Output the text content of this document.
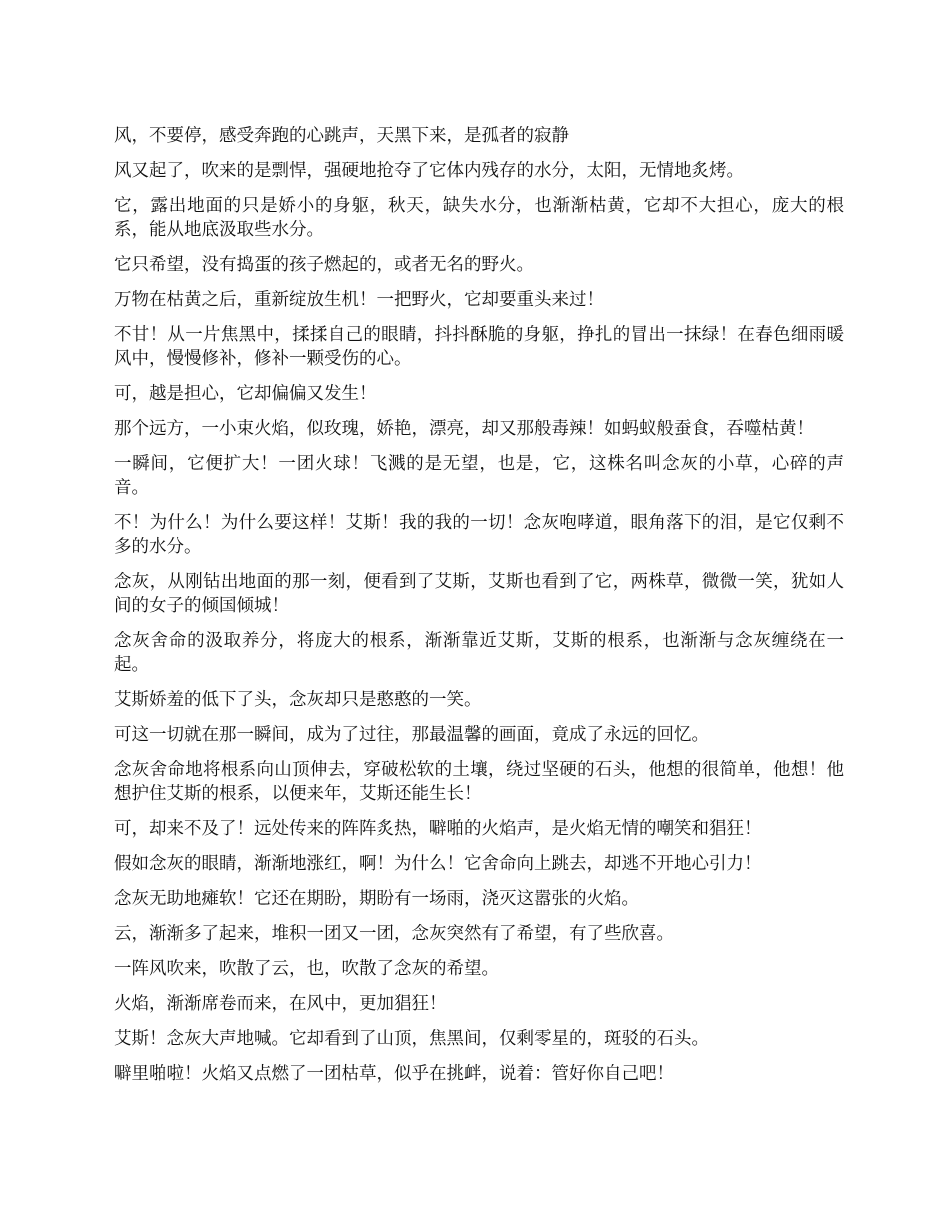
风，不要停，感受奔跑的心跳声，天黑下来，是孤者的寂静

风又起了，吹来的是剽悍，强硬地抢夺了它体内残存的水分，太阳，无情地炙烤。

它，露出地面的只是娇小的身躯，秋天，缺失水分，也渐渐枯黄，它却不大担心，庞大的根系，能从地底汲取些水分。

它只希望，没有捣蛋的孩子燃起的，或者无名的野火。

万物在枯黄之后，重新绽放生机！一把野火，它却要重头来过！

不甘！从一片焦黑中，揉揉自己的眼睛，抖抖酥脆的身躯，挣扎的冒出一抹绿！在春色细雨暖风中，慢慢修补，修补一颗受伤的心。

可，越是担心，它却偏偏又发生！

那个远方，一小束火焰，似玫瑰，娇艳，漂亮，却又那般毒辣！如蚂蚁般蚕食，吞噬枯黄！

一瞬间，它便扩大！一团火球！飞溅的是无望，也是，它，这株名叫念灰的小草，心碎的声音。

不！为什么！为什么要这样！艾斯！我的我的一切！念灰咆哮道，眼角落下的泪，是它仅剩不多的水分。

念灰，从刚钻出地面的那一刻，便看到了艾斯，艾斯也看到了它，两株草，微微一笑，犹如人间的女子的倾国倾城！

念灰舍命的汲取养分，将庞大的根系，渐渐靠近艾斯，艾斯的根系，也渐渐与念灰缠绕在一起。

艾斯娇羞的低下了头，念灰却只是憨憨的一笑。

可这一切就在那一瞬间，成为了过往，那最温馨的画面，竟成了永远的回忆。

念灰舍命地将根系向山顶伸去，穿破松软的土壤，绕过坚硬的石头，他想的很简单，他想！他想护住艾斯的根系，以便来年，艾斯还能生长！

可，却来不及了！远处传来的阵阵炙热，噼啪的火焰声，是火焰无情的嘲笑和猖狂！

假如念灰的眼睛，渐渐地涨红，啊！为什么！它舍命向上跳去，却逃不开地心引力！

念灰无助地瘫软！它还在期盼，期盼有一场雨，浇灭这嚣张的火焰。

云，渐渐多了起来，堆积一团又一团，念灰突然有了希望，有了些欣喜。

一阵风吹来，吹散了云，也，吹散了念灰的希望。

火焰，渐渐席卷而来，在风中，更加猖狂！

艾斯！念灰大声地喊。它却看到了山顶，焦黑间，仅剩零星的，斑驳的石头。

噼里啪啦！火焰又点燃了一团枯草，似乎在挑衅，说着：管好你自己吧！
